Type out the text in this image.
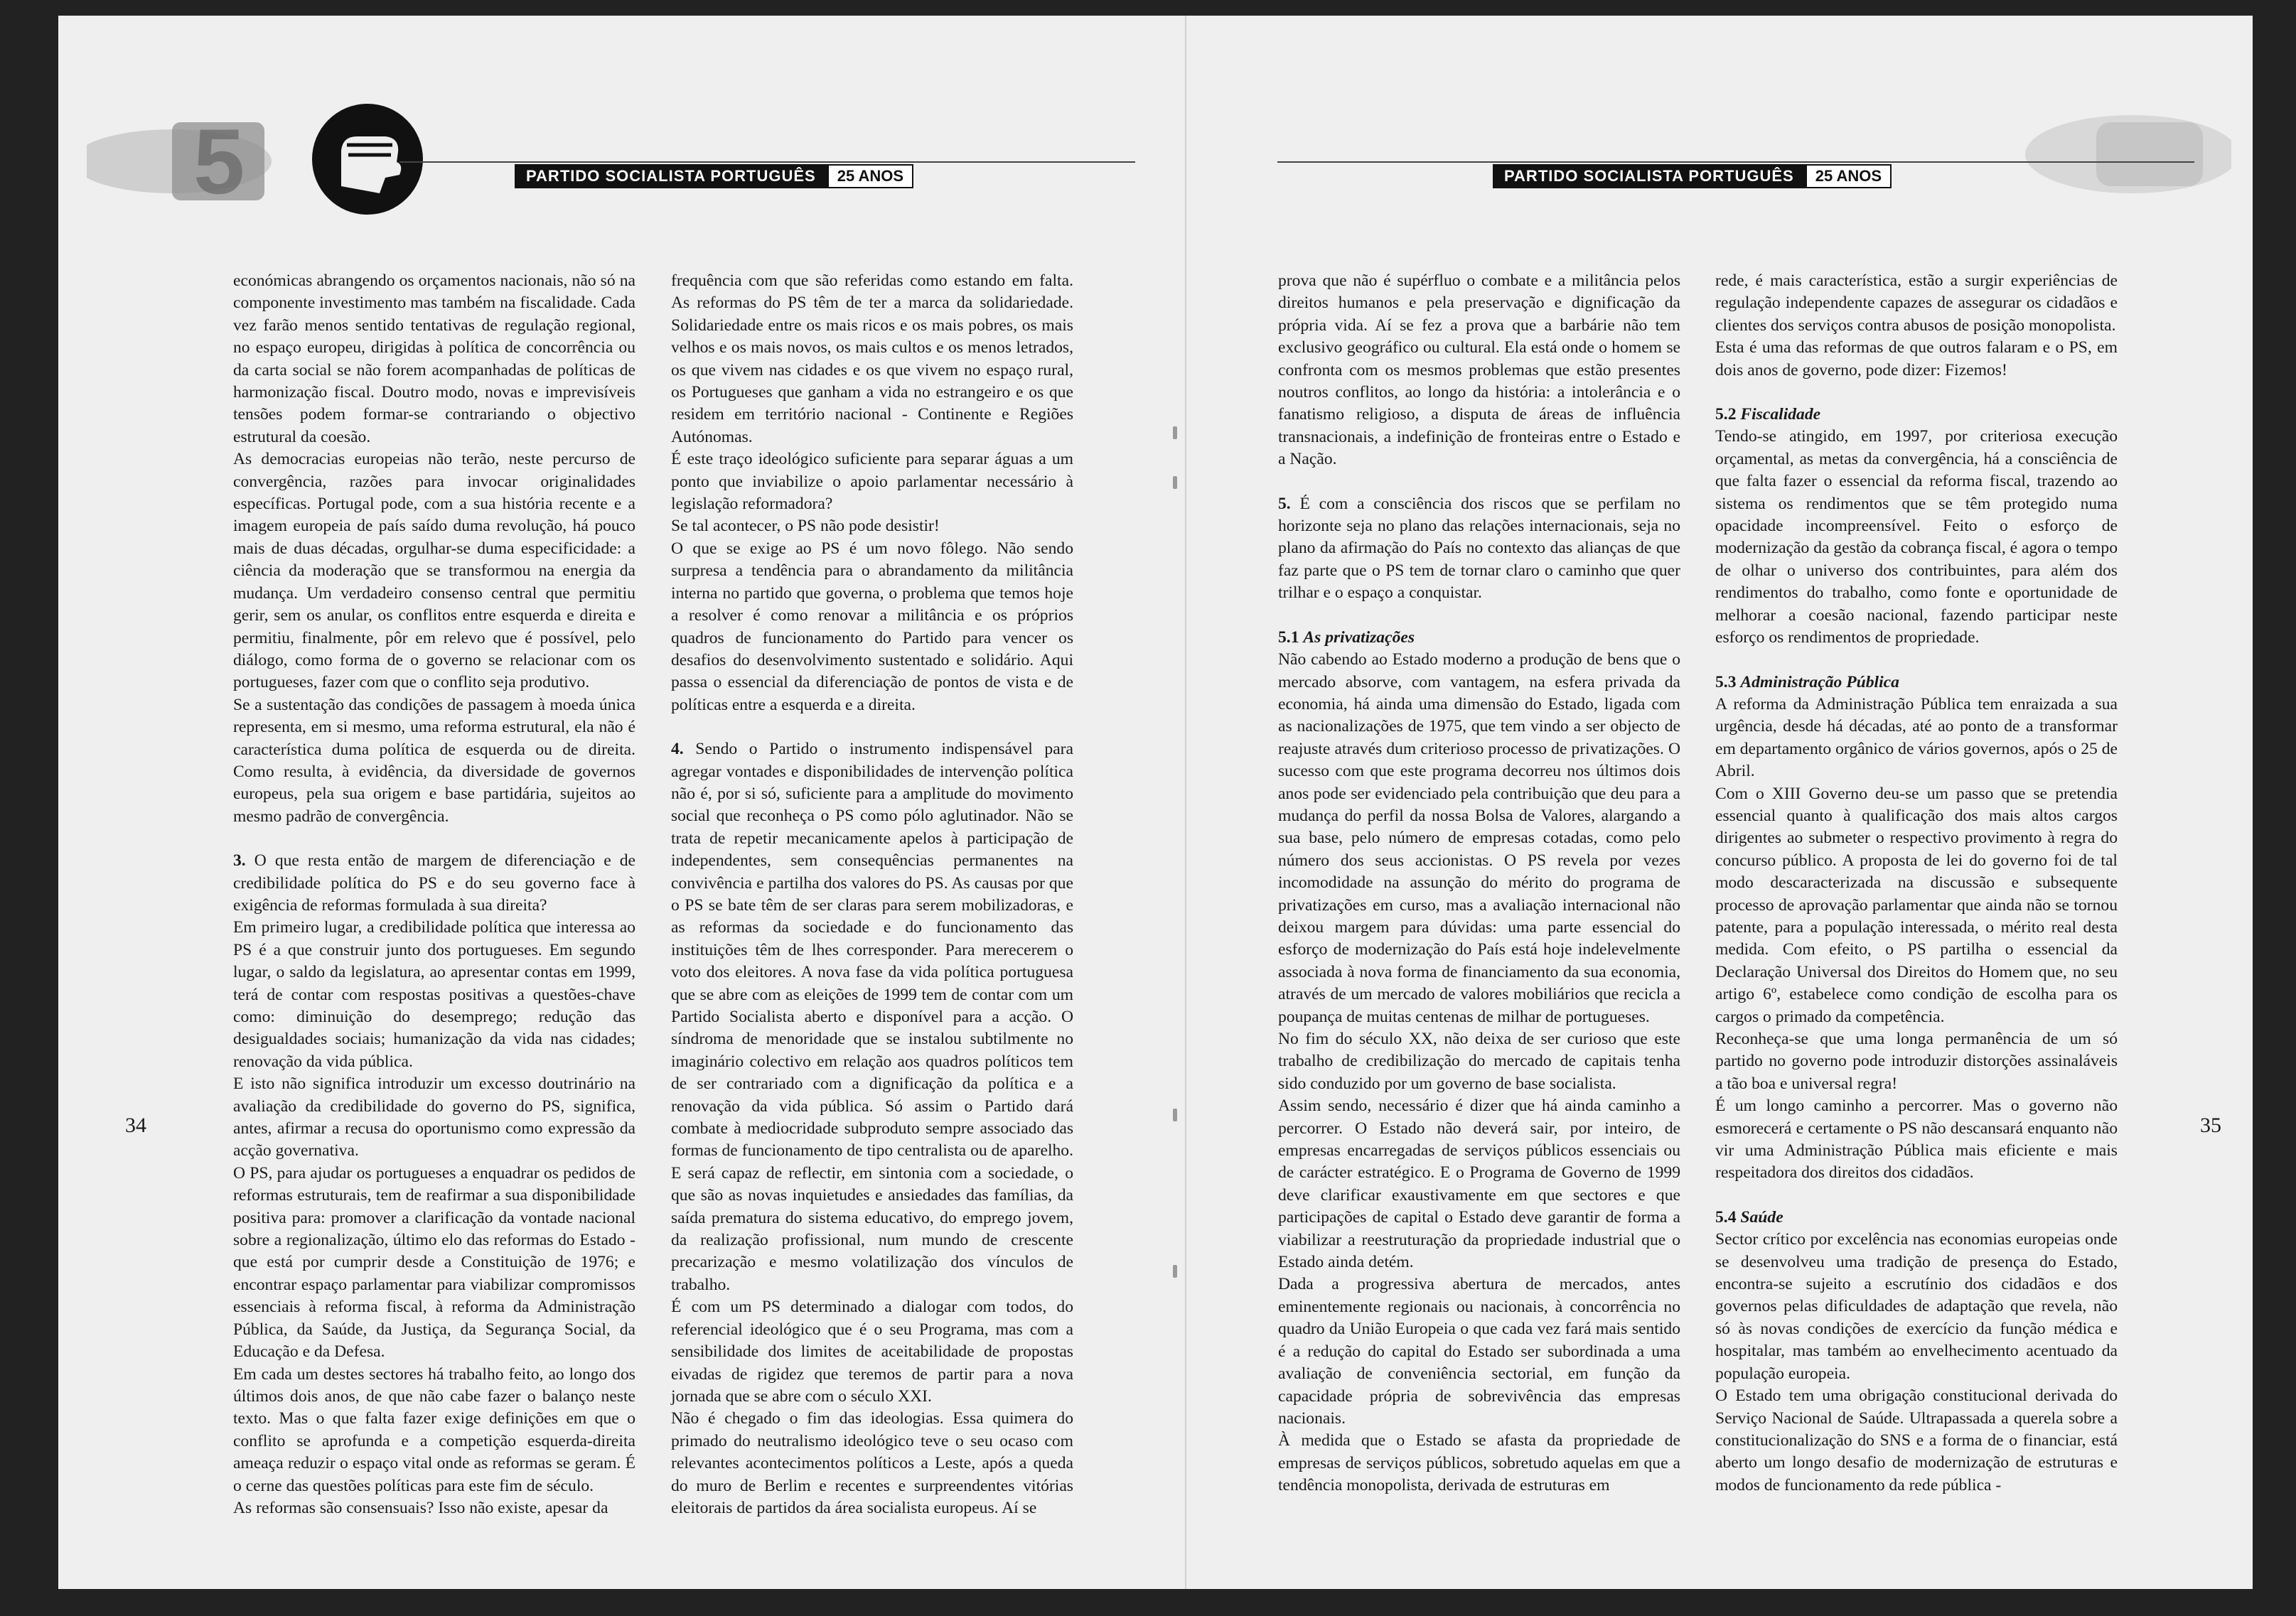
5	PARTIDO SOCIALISTA PORTUGUÊS	25 ANOS

económicas abrangendo os orçamentos nacionais, não só na componente investimento mas também na fiscalidade. Cada vez farão menos sentido tentativas de regulação regional, no espaço europeu, dirigidas à política de concorrência ou da carta social se não forem acompanhadas de políticas de harmonização fiscal. Doutro modo, novas e imprevisíveis tensões podem formar-se contrariando o objectivo estrutural da coesão.

As democracias europeias não terão, neste percurso de convergência, razões para invocar originalidades específicas. Portugal pode, com a sua história recente e a imagem europeia de país saído duma revolução, há pouco mais de duas décadas, orgulhar-se duma especificidade: a ciência da moderação que se transformou na energia da mudança. Um verdadeiro consenso central que permitiu gerir, sem os anular, os conflitos entre esquerda e direita e permitiu, finalmente, pôr em relevo que é possível, pelo diálogo, como forma de o governo se relacionar com os portugueses, fazer com que o conflito seja produtivo.

Se a sustentação das condições de passagem à moeda única representa, em si mesmo, uma reforma estrutural, ela não é característica duma política de esquerda ou de direita. Como resulta, à evidência, da diversidade de governos europeus, pela sua origem e base partidária, sujeitos ao mesmo padrão de convergência.

3. O que resta então de margem de diferenciação e de credibilidade política do PS e do seu governo face à exigência de reformas formulada à sua direita?

Em primeiro lugar, a credibilidade política que interessa ao PS é a que construir junto dos portugueses. Em segundo lugar, o saldo da legislatura, ao apresentar contas em 1999, terá de contar com respostas positivas a questões-chave como: diminuição do desemprego; redução das desigualdades sociais; humanização da vida nas cidades; renovação da vida pública.

E isto não significa introduzir um excesso doutrinário na avaliação da credibilidade do governo do PS, significa, antes, afirmar a recusa do oportunismo como expressão da acção governativa.

O PS, para ajudar os portugueses a enquadrar os pedidos de reformas estruturais, tem de reafirmar a sua disponibilidade positiva para: promover a clarificação da vontade nacional sobre a regionalização, último elo das reformas do Estado - que está por cumprir desde a Constituição de 1976; e encontrar espaço parlamentar para viabilizar compromissos essenciais à reforma fiscal, à reforma da Administração Pública, da Saúde, da Justiça, da Segurança Social, da Educação e da Defesa.

Em cada um destes sectores há trabalho feito, ao longo dos últimos dois anos, de que não cabe fazer o balanço neste texto. Mas o que falta fazer exige definições em que o conflito se aprofunda e a competição esquerda-direita ameaça reduzir o espaço vital onde as reformas se geram. É o cerne das questões políticas para este fim de século.

As reformas são consensuais? Isso não existe, apesar da

frequência com que são referidas como estando em falta. As reformas do PS têm de ter a marca da solidariedade. Solidariedade entre os mais ricos e os mais pobres, os mais velhos e os mais novos, os mais cultos e os menos letrados, os que vivem nas cidades e os que vivem no espaço rural, os Portugueses que ganham a vida no estrangeiro e os que residem em território nacional - Continente e Regiões Autónomas.

É este traço ideológico suficiente para separar águas a um ponto que inviabilize o apoio parlamentar necessário à legislação reformadora?

Se tal acontecer, o PS não pode desistir!

O que se exige ao PS é um novo fôlego. Não sendo surpresa a tendência para o abrandamento da militância interna no partido que governa, o problema que temos hoje a resolver é como renovar a militância e os próprios quadros de funcionamento do Partido para vencer os desafios do desenvolvimento sustentado e solidário. Aqui passa o essencial da diferenciação de pontos de vista e de políticas entre a esquerda e a direita.

4. Sendo o Partido o instrumento indispensável para agregar vontades e disponibilidades de intervenção política não é, por si só, suficiente para a amplitude do movimento social que reconheça o PS como pólo aglutinador. Não se trata de repetir mecanicamente apelos à participação de independentes, sem consequências permanentes na convivência e partilha dos valores do PS. As causas por que o PS se bate têm de ser claras para serem mobilizadoras, e as reformas da sociedade e do funcionamento das instituições têm de lhes corresponder. Para merecerem o voto dos eleitores. A nova fase da vida política portuguesa que se abre com as eleições de 1999 tem de contar com um Partido Socialista aberto e disponível para a acção. O síndroma de menoridade que se instalou subtilmente no imaginário colectivo em relação aos quadros políticos tem de ser contrariado com a dignificação da política e a renovação da vida pública. Só assim o Partido dará combate à mediocridade subproduto sempre associado das formas de funcionamento de tipo centralista ou de aparelho. E será capaz de reflectir, em sintonia com a sociedade, o que são as novas inquietudes e ansiedades das famílias, da saída prematura do sistema educativo, do emprego jovem, da realização profissional, num mundo de crescente precarização e mesmo volatilização dos vínculos de trabalho.

É com um PS determinado a dialogar com todos, do referencial ideológico que é o seu Programa, mas com a sensibilidade dos limites de aceitabilidade de propostas eivadas de rigidez que teremos de partir para a nova jornada que se abre com o século XXI.

Não é chegado o fim das ideologias. Essa quimera do primado do neutralismo ideológico teve o seu ocaso com relevantes acontecimentos políticos a Leste, após a queda do muro de Berlim e recentes e surpreendentes vitórias eleitorais de partidos da área socialista europeus. Aí se

34
PARTIDO SOCIALISTA PORTUGUÊS	25 ANOS

prova que não é supérfluo o combate e a militância pelos direitos humanos e pela preservação e dignificação da própria vida. Aí se fez a prova que a barbárie não tem exclusivo geográfico ou cultural. Ela está onde o homem se confronta com os mesmos problemas que estão presentes noutros conflitos, ao longo da história: a intolerância e o fanatismo religioso, a disputa de áreas de influência transnacionais, a indefinição de fronteiras entre o Estado e a Nação.

5. É com a consciência dos riscos que se perfilam no horizonte seja no plano das relações internacionais, seja no plano da afirmação do País no contexto das alianças de que faz parte que o PS tem de tornar claro o caminho que quer trilhar e o espaço a conquistar.

5.1 As privatizações

Não cabendo ao Estado moderno a produção de bens que o mercado absorve, com vantagem, na esfera privada da economia, há ainda uma dimensão do Estado, ligada com as nacionalizações de 1975, que tem vindo a ser objecto de reajuste através dum criterioso processo de privatizações. O sucesso com que este programa decorreu nos últimos dois anos pode ser evidenciado pela contribuição que deu para a mudança do perfil da nossa Bolsa de Valores, alargando a sua base, pelo número de empresas cotadas, como pelo número dos seus accionistas. O PS revela por vezes incomodidade na assunção do mérito do programa de privatizações em curso, mas a avaliação internacional não deixou margem para dúvidas: uma parte essencial do esforço de modernização do País está hoje indelevelmente associada à nova forma de financiamento da sua economia, através de um mercado de valores mobiliários que recicla a poupança de muitas centenas de milhar de portugueses.

No fim do século XX, não deixa de ser curioso que este trabalho de credibilização do mercado de capitais tenha sido conduzido por um governo de base socialista.

Assim sendo, necessário é dizer que há ainda caminho a percorrer. O Estado não deverá sair, por inteiro, de empresas encarregadas de serviços públicos essenciais ou de carácter estratégico. E o Programa de Governo de 1999 deve clarificar exaustivamente em que sectores e que participações de capital o Estado deve garantir de forma a viabilizar a reestruturação da propriedade industrial que o Estado ainda detém.

Dada a progressiva abertura de mercados, antes eminentemente regionais ou nacionais, à concorrência no quadro da União Europeia o que cada vez fará mais sentido é a redução do capital do Estado ser subordinada a uma avaliação de conveniência sectorial, em função da capacidade própria de sobrevivência das empresas nacionais.

À medida que o Estado se afasta da propriedade de empresas de serviços públicos, sobretudo aquelas em que a tendência monopolista, derivada de estruturas em

rede, é mais característica, estão a surgir experiências de regulação independente capazes de assegurar os cidadãos e clientes dos serviços contra abusos de posição monopolista.

Esta é uma das reformas de que outros falaram e o PS, em dois anos de governo, pode dizer: Fizemos!

5.2 Fiscalidade

Tendo-se atingido, em 1997, por criteriosa execução orçamental, as metas da convergência, há a consciência de que falta fazer o essencial da reforma fiscal, trazendo ao sistema os rendimentos que se têm protegido numa opacidade incompreensível. Feito o esforço de modernização da gestão da cobrança fiscal, é agora o tempo de olhar o universo dos contribuintes, para além dos rendimentos do trabalho, como fonte e oportunidade de melhorar a coesão nacional, fazendo participar neste esforço os rendimentos de propriedade.

5.3 Administração Pública

A reforma da Administração Pública tem enraizada a sua urgência, desde há décadas, até ao ponto de a transformar em departamento orgânico de vários governos, após o 25 de Abril.

Com o XIII Governo deu-se um passo que se pretendia essencial quanto à qualificação dos mais altos cargos dirigentes ao submeter o respectivo provimento à regra do concurso público. A proposta de lei do governo foi de tal modo descaracterizada na discussão e subsequente processo de aprovação parlamentar que ainda não se tornou patente, para a população interessada, o mérito real desta medida. Com efeito, o PS partilha o essencial da Declaração Universal dos Direitos do Homem que, no seu artigo 6º, estabelece como condição de escolha para os cargos o primado da competência.

Reconheça-se que uma longa permanência de um só partido no governo pode introduzir distorções assinaláveis a tão boa e universal regra!

É um longo caminho a percorrer. Mas o governo não esmorecerá e certamente o PS não descansará enquanto não vir uma Administração Pública mais eficiente e mais respeitadora dos direitos dos cidadãos.

5.4 Saúde

Sector crítico por excelência nas economias europeias onde se desenvolveu uma tradição de presença do Estado, encontra-se sujeito a escrutínio dos cidadãos e dos governos pelas dificuldades de adaptação que revela, não só às novas condições de exercício da função médica e hospitalar, mas também ao envelhecimento acentuado da população europeia.

O Estado tem uma obrigação constitucional derivada do Serviço Nacional de Saúde. Ultrapassada a querela sobre a constitucionalização do SNS e a forma de o financiar, está aberto um longo desafio de modernização de estruturas e modos de funcionamento da rede pública -

35
